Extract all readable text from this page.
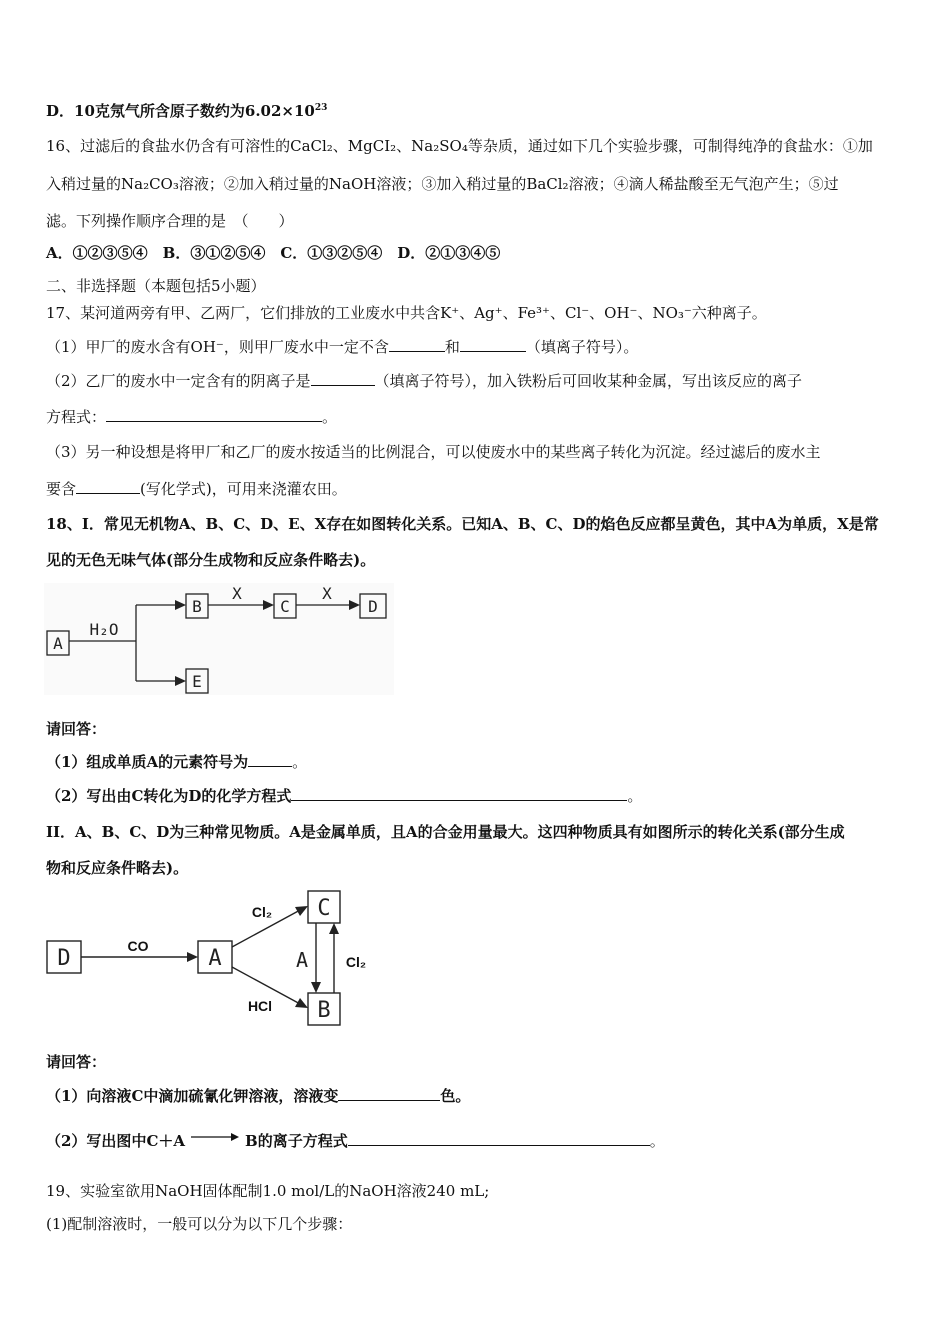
D．10克氖气所含原子数约为$6.02\times 10^{23}$
16、过滤后的食盐水仍含有可溶性的CaCl₂、MgCI₂、Na₂SO₄等杂质，通过如下几个实验步骤，可制得纯净的食盐水：①加
入稍过量的Na₂CO₃溶液；②加入稍过量的NaOH溶液；③加入稍过量的BaCl₂溶液；④滴人稀盐酸至无气泡产生；⑤过
滤。下列操作顺序合理的是　（　　）
A．①②③⑤④　B．③①②⑤④　C．①③②⑤④　D．②①③④⑤
二、非选择题（本题包括5小题）
17、某河道两旁有甲、乙两厂，它们排放的工业废水中共含K⁺、Ag⁺、Fe³⁺、Cl⁻、OH⁻、NO₃⁻六种离子。
（1）甲厂的废水含有OH⁻，则甲厂废水中一定不含	和	（填离子符号）。
（2）乙厂的废水中一定含有的阴离子是	（填离子符号），加入铁粉后可回收某种金属，写出该反应的离子
方程式：	。
（3）另一种设想是将甲厂和乙厂的废水按适当的比例混合，可以使废水中的某些离子转化为沉淀。经过滤后的废水主
要含	(写化学式)，可用来浇灌农田。
18、I．常见无机物A、B、C、D、E、X存在如图转化关系。已知A、B、C、D的焰色反应都呈黄色，其中A为单质，X是常
见的无色无味气体(部分生成物和反应条件略去)。
A
B	C	D
E
H₂O
X	X
请回答：
（1）组成单质A的元素符号为	。
（2）写出由C转化为D的化学方程式	。
II．A、B、C、D为三种常见物质。A是金属单质，且A的合金用量最大。这四种物质具有如图所示的转化关系(部分生成
物和反应条件略去)。
D	A
C
B
A
CO
Cl₂
HCl
Cl₂
请回答：
（1）向溶液C中滴加硫氰化钾溶液，溶液变	色。
（2）写出图中C＋A → B的离子方程式	。
19、实验室欲用NaOH固体配制1.0 mol/L的NaOH溶液240 mL;
(1)配制溶液时，一般可以分为以下几个步骤：
